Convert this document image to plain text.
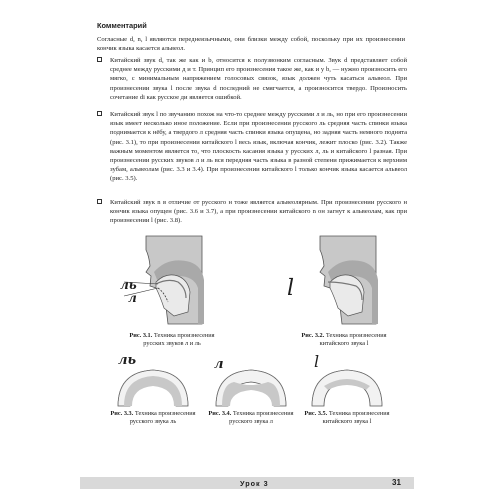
Комментарий

Согласные d, n, l являются переднеязычными, они близки между собой, поскольку при их произнесении кончик языка касается альвеол.

Китайский звук d, так же как и b, относится к полузвонким согласным. Звук d представляет собой среднее между русскими д и т. Принцип его произнесения такое же, как и у b, — нужно произносить его мягко, с минимальным напряжением голосовых связок, язык должен чуть касаться альвеол. При произнесении звука l после звука d последний не смягчается, а произносится твердо. Произносить сочетание di как русское ди является ошибкой.

Китайский звук l по звучанию похож на что-то среднее между русскими л и ль, но при его произнесении язык имеет несколько иное положение. Если при произнесении русского ль средняя часть спинки языка поднимается к нёбу, а твердого л средняя часть спинки языка опущена, но задняя часть немного поднята (рис. 3.1), то при произнесении китайского l весь язык, включая кончик, лежит плоско (рис. 3.2). Также важным моментом является то, что плоскость касания языка у русских л, ль и китайского l разная. При произнесении русских звуков л и ль вся передняя часть языка в разной степени прижимается к верхним зубам, альвеолам (рис. 3.3 и 3.4). При произнесении китайского l только кончик языка касается альвеол (рис. 3.5).

Китайский звук n в отличие от русского н тоже является альвеолярным. При произнесении русского н кончик языка опущен (рис. 3.6 и 3.7), а при произнесении китайского n он загнут к альвеолам, как при произнесении l (рис. 3.8).

ль
л
Рис. 3.1. Техника произнесения русских звуков л и ль
l
Рис. 3.2. Техника произнесения китайского звука l
ль
Рис. 3.3. Техника произнесения русского звука ль
л
Рис. 3.4. Техника произнесения русского звука л
l
Рис. 3.5. Техника произнесения китайского звука l
Урок 3	31
